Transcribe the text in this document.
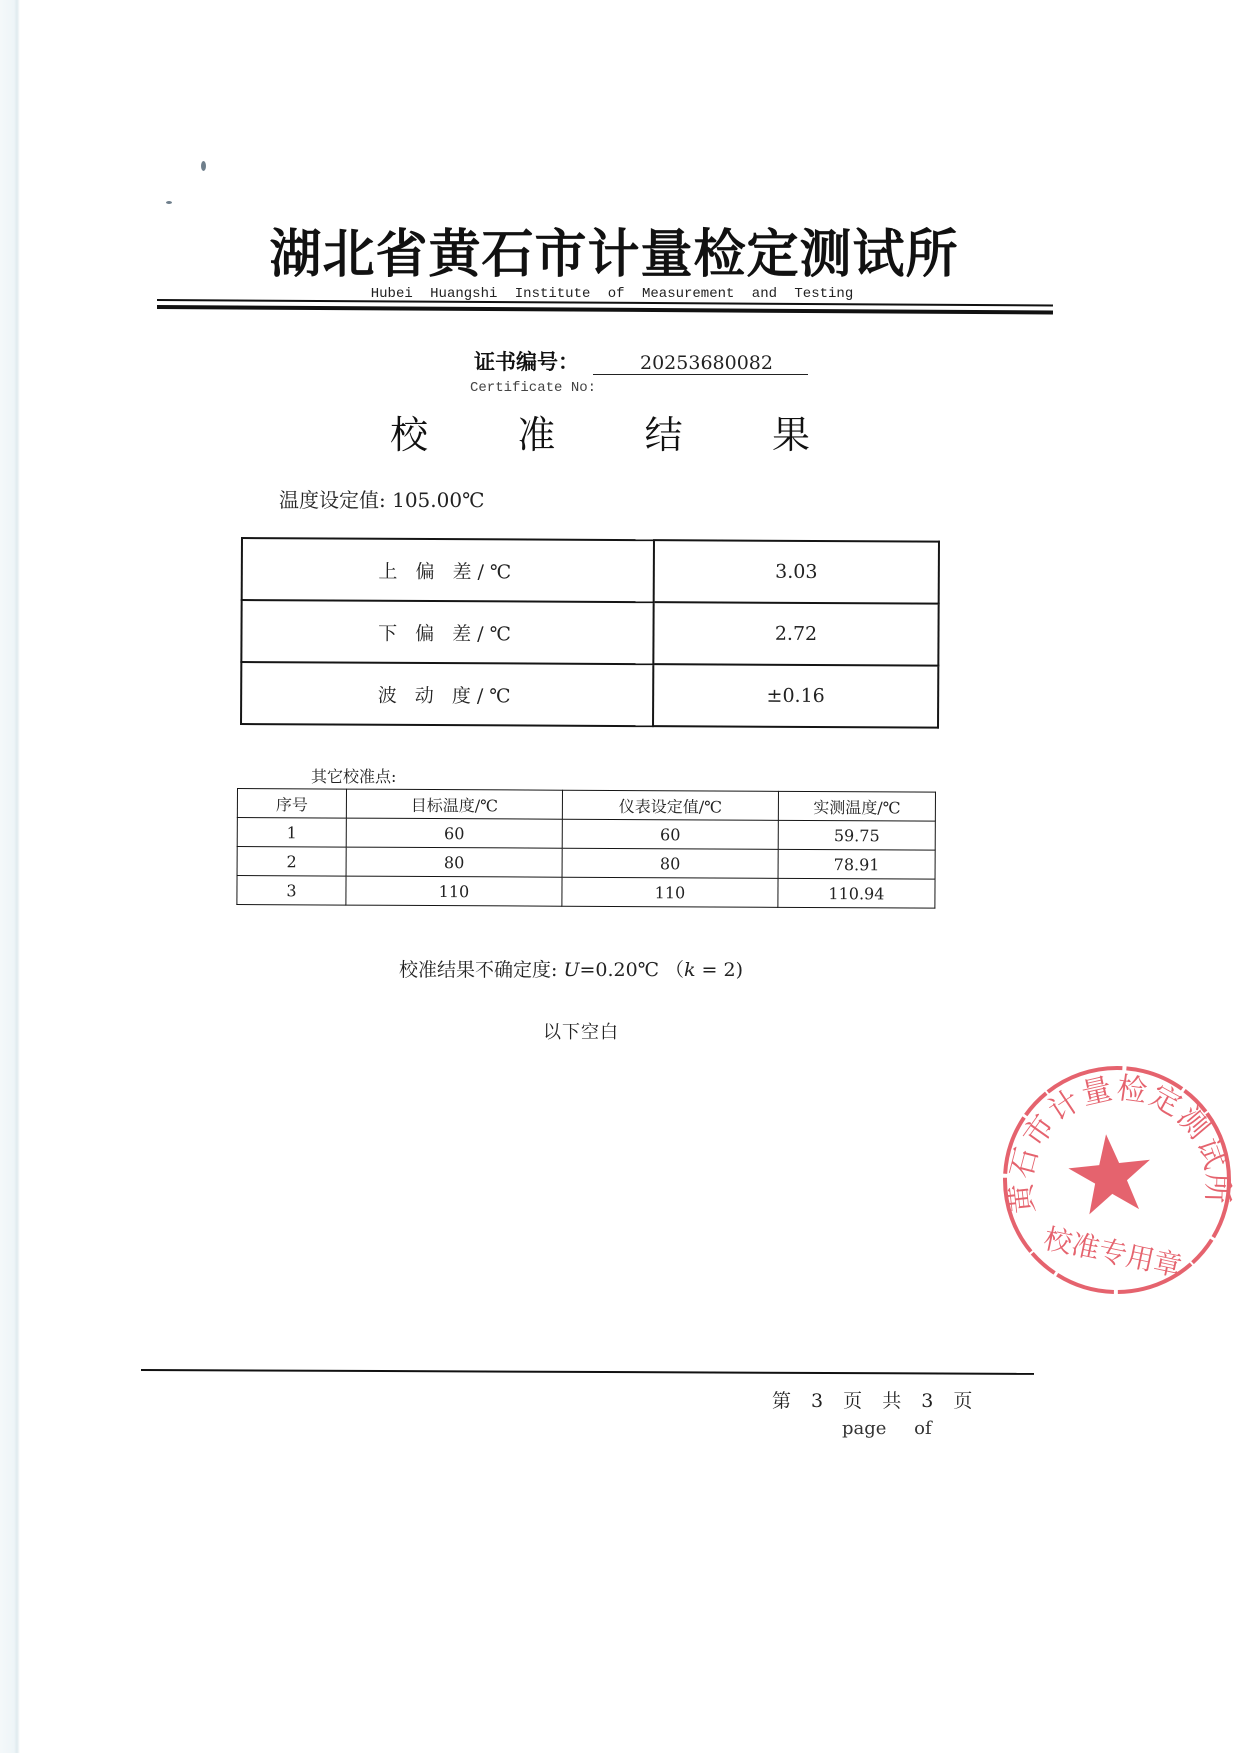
湖北省黄石市计量检定测试所
Hubei Huangshi Institute of Measurement and Testing
证书编号：	20253680082
Certificate No:
校 准 结 果
温度设定值: 105.00℃
上 偏 差/℃	3.03
下 偏 差/℃	2.72
波 动 度/℃	±0.16
其它校准点:
序号	目标温度/℃	仪表设定值/℃	实测温度/℃
1	60	60	59.75
2	80	80	78.91
3	110	110	110.94
校准结果不确定度: U=0.20℃ （k = 2)
以下空白
黄石市计量检定测试所
校准专用章
第 3 页 共 3 页
page of
